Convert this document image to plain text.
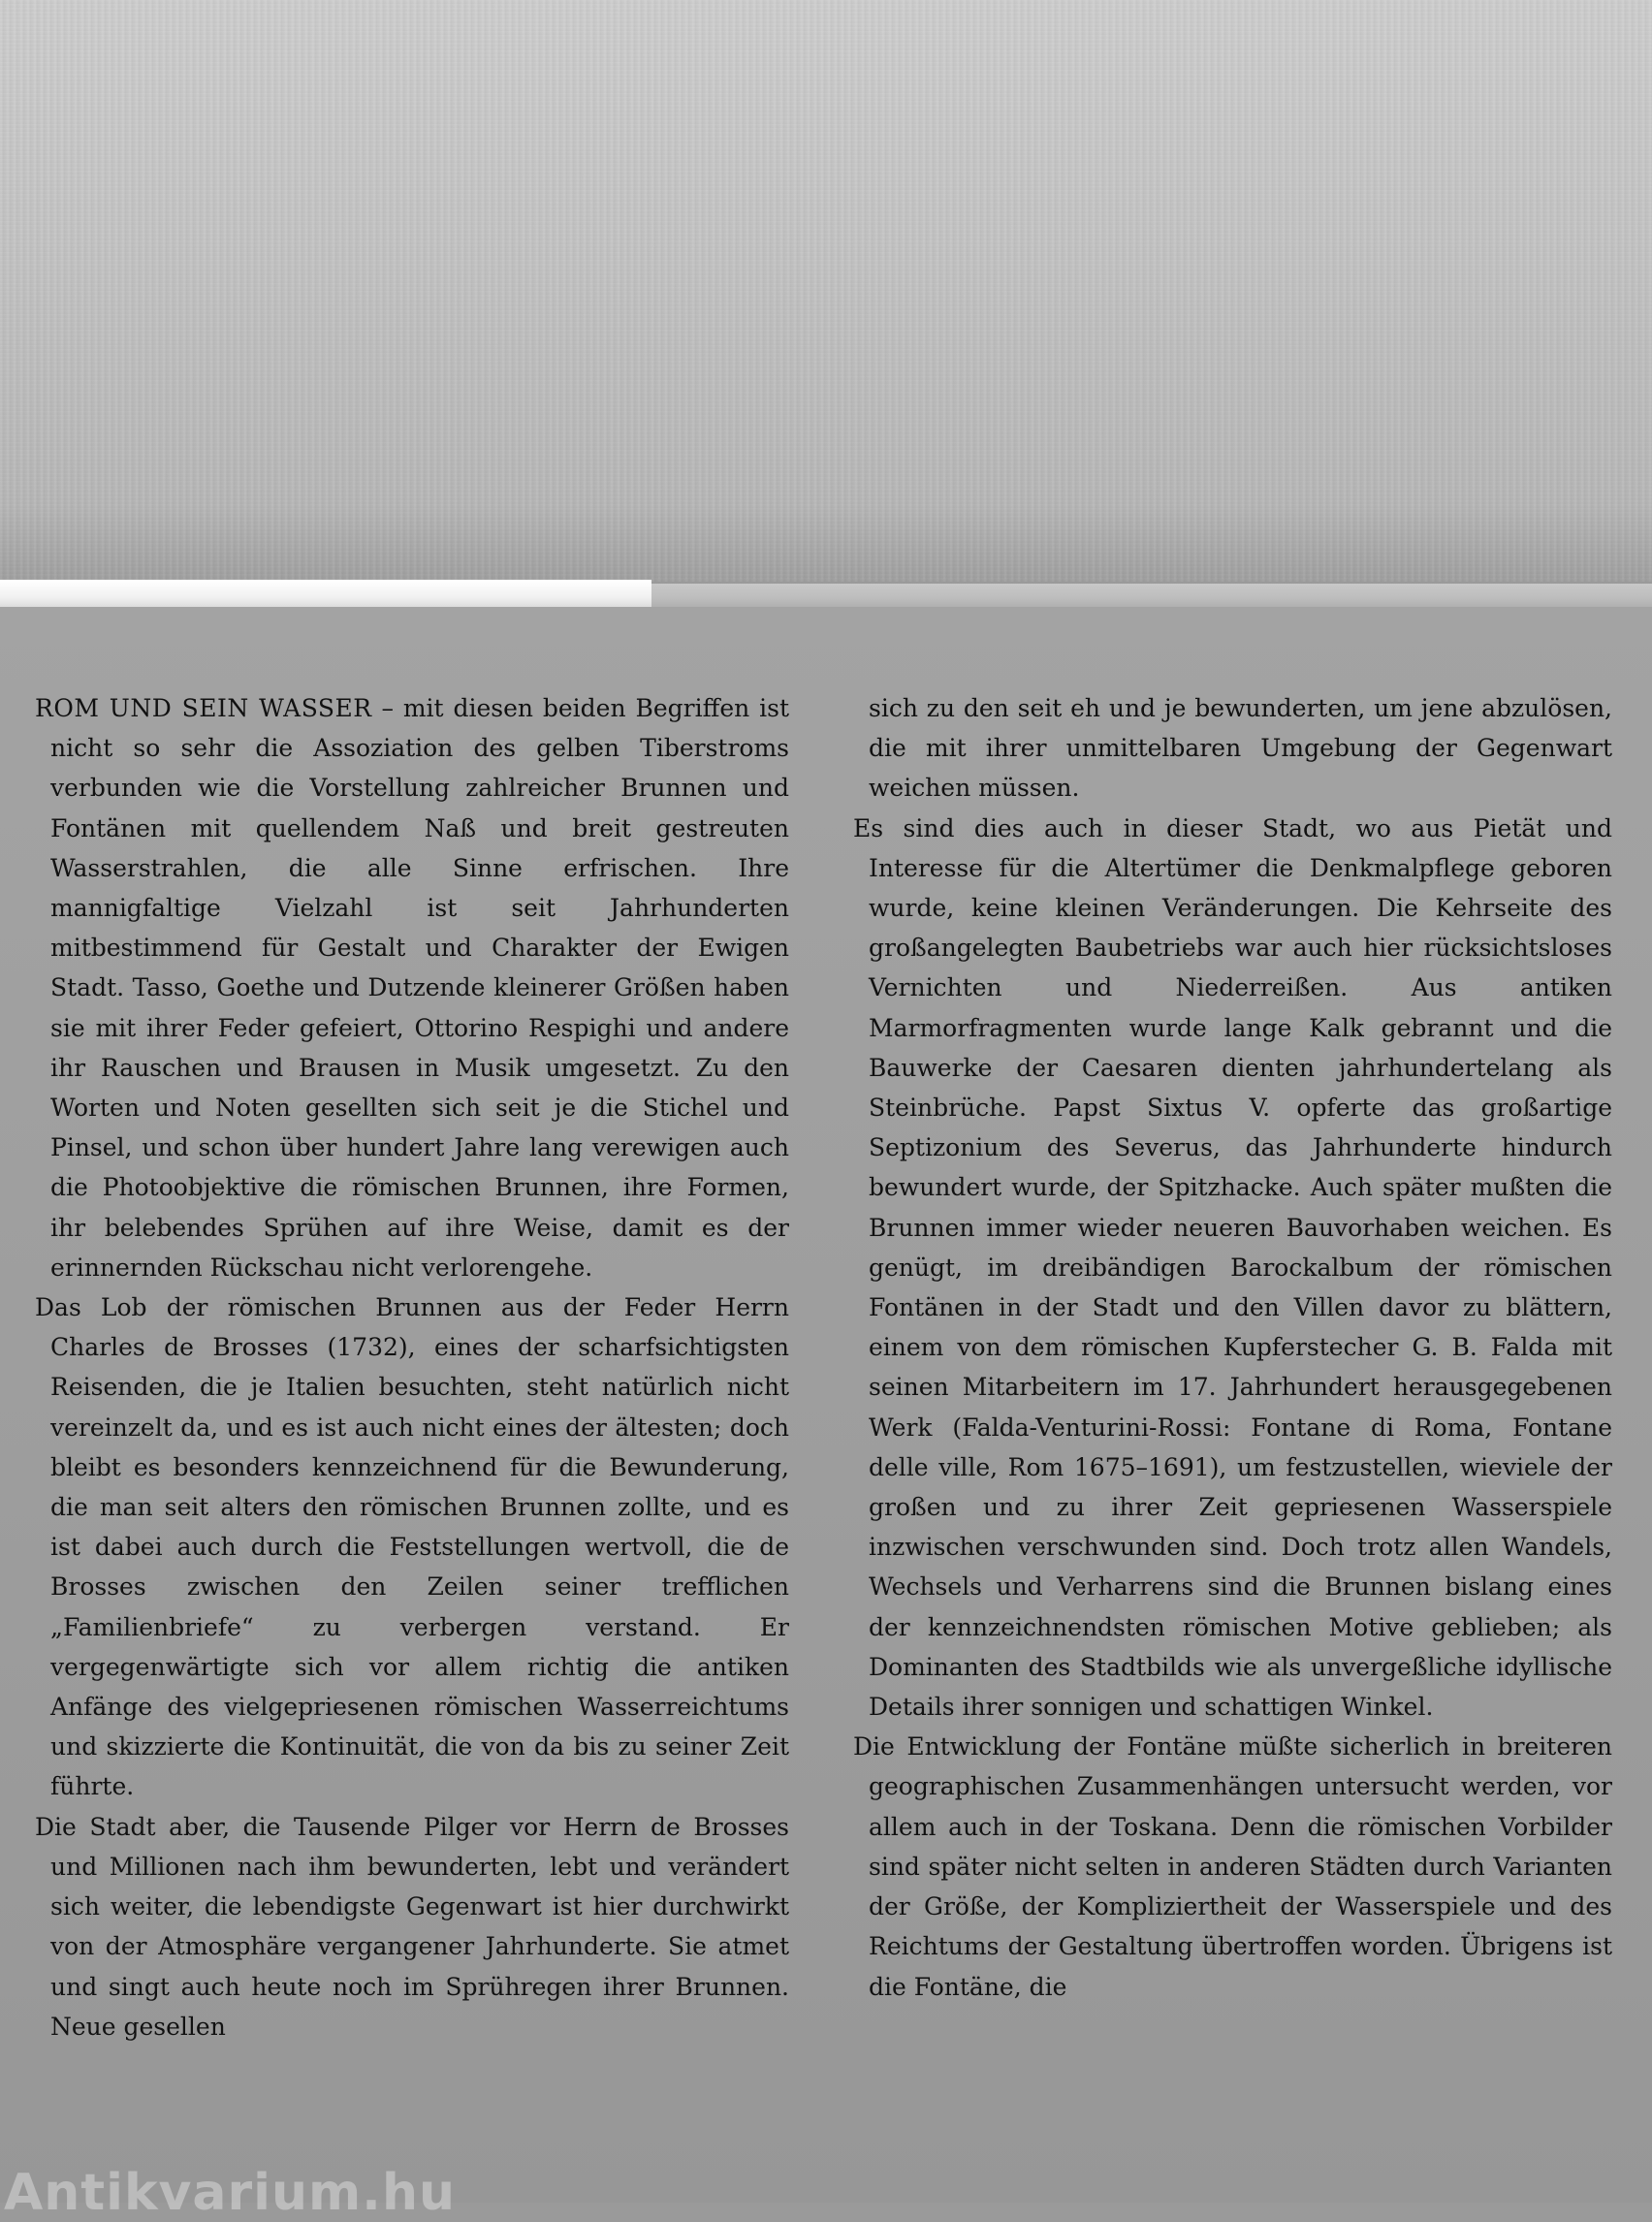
ROM UND SEIN WASSER – mit diesen beiden Begriffen ist nicht so sehr die Assoziation des gelben Tiberstroms verbunden wie die Vorstellung zahlreicher Brunnen und Fontänen mit quellendem Naß und breit gestreuten Wasserstrahlen, die alle Sinne erfrischen. Ihre mannigfaltige Vielzahl ist seit Jahrhunderten mitbestimmend für Gestalt und Charakter der Ewigen Stadt. Tasso, Goethe und Dutzende kleinerer Größen haben sie mit ihrer Feder gefeiert, Ottorino Respighi und andere ihr Rauschen und Brausen in Musik umgesetzt. Zu den Worten und Noten gesellten sich seit je die Stichel und Pinsel, und schon über hundert Jahre lang verewigen auch die Photoobjektive die römischen Brunnen, ihre Formen, ihr belebendes Sprühen auf ihre Weise, damit es der erinnernden Rückschau nicht verlorengehe.

Das Lob der römischen Brunnen aus der Feder Herrn Charles de Brosses (1732), eines der scharfsichtigsten Reisenden, die je Italien besuchten, steht natürlich nicht vereinzelt da, und es ist auch nicht eines der ältesten; doch bleibt es besonders kennzeichnend für die Bewunderung, die man seit alters den römischen Brunnen zollte, und es ist dabei auch durch die Feststellungen wertvoll, die de Brosses zwischen den Zeilen seiner trefflichen „Familienbriefe“ zu verbergen verstand. Er vergegenwärtigte sich vor allem richtig die antiken Anfänge des vielgepriesenen römischen Wasserreichtums und skizzierte die Kontinuität, die von da bis zu seiner Zeit führte.

Die Stadt aber, die Tausende Pilger vor Herrn de Brosses und Millionen nach ihm bewunderten, lebt und verändert sich weiter, die lebendigste Gegenwart ist hier durchwirkt von der Atmosphäre vergangener Jahrhunderte. Sie atmet und singt auch heute noch im Sprühregen ihrer Brunnen. Neue gesellen

sich zu den seit eh und je bewunderten, um jene abzulösen, die mit ihrer unmittelbaren Umgebung der Gegenwart weichen müssen.

Es sind dies auch in dieser Stadt, wo aus Pietät und Interesse für die Altertümer die Denkmalpflege geboren wurde, keine kleinen Veränderungen. Die Kehrseite des großangelegten Baubetriebs war auch hier rücksichtsloses Vernichten und Niederreißen. Aus antiken Marmorfragmenten wurde lange Kalk gebrannt und die Bauwerke der Caesaren dienten jahrhundertelang als Steinbrüche. Papst Sixtus V. opferte das großartige Septizonium des Severus, das Jahrhunderte hindurch bewundert wurde, der Spitzhacke. Auch später mußten die Brunnen immer wieder neueren Bauvorhaben weichen. Es genügt, im dreibändigen Barockalbum der römischen Fontänen in der Stadt und den Villen davor zu blättern, einem von dem römischen Kupferstecher G. B. Falda mit seinen Mitarbeitern im 17. Jahrhundert herausgegebenen Werk (Falda-Venturini-Rossi: Fontane di Roma, Fontane delle ville, Rom 1675–1691), um festzustellen, wieviele der großen und zu ihrer Zeit gepriesenen Wasserspiele inzwischen verschwunden sind. Doch trotz allen Wandels, Wechsels und Verharrens sind die Brunnen bislang eines der kennzeichnendsten römischen Motive geblieben; als Dominanten des Stadtbilds wie als unvergeßliche idyllische Details ihrer sonnigen und schattigen Winkel.

Die Entwicklung der Fontäne müßte sicherlich in breiteren geographischen Zusammenhängen untersucht werden, vor allem auch in der Toskana. Denn die römischen Vorbilder sind später nicht selten in anderen Städten durch Varianten der Größe, der Kompliziertheit der Wasserspiele und des Reichtums der Gestaltung übertroffen worden. Übrigens ist die Fontäne, die

Antikvarium.hu
